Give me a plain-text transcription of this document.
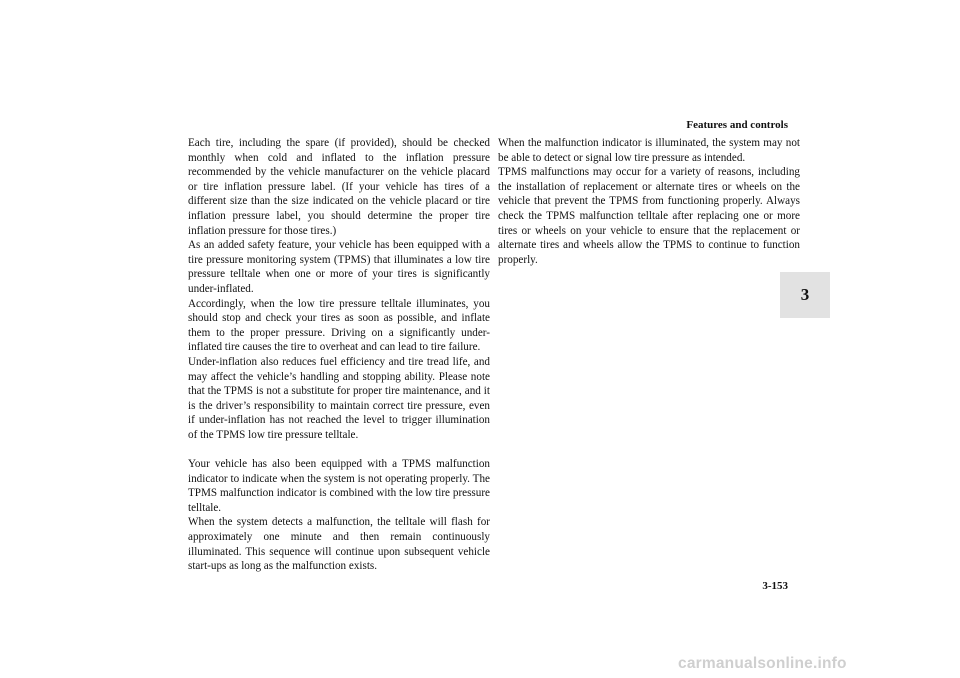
Features and controls
3

Each tire, including the spare (if provided), should be checked monthly when cold and inflated to the inflation pressure recommended by the vehicle manufacturer on the vehicle placard or tire inflation pressure label. (If your vehicle has tires of a different size than the size indicated on the vehicle placard or tire inflation pressure label, you should determine the proper tire inflation pressure for those tires.)

As an added safety feature, your vehicle has been equipped with a tire pressure monitoring system (TPMS) that illuminates a low tire pressure telltale when one or more of your tires is significantly under-inflated.

Accordingly, when the low tire pressure telltale illuminates, you should stop and check your tires as soon as possible, and inflate them to the proper pressure. Driving on a significantly under-inflated tire causes the tire to overheat and can lead to tire failure.

Under-inflation also reduces fuel efficiency and tire tread life, and may affect the vehicle’s handling and stopping ability. Please note that the TPMS is not a substitute for proper tire maintenance, and it is the driver’s responsibility to maintain correct tire pressure, even if under-inflation has not reached the level to trigger illumination of the TPMS low tire pressure telltale.

Your vehicle has also been equipped with a TPMS malfunction indicator to indicate when the system is not operating properly. The TPMS malfunction indicator is combined with the low tire pressure telltale.

When the system detects a malfunction, the telltale will flash for approximately one minute and then remain continuously illuminated. This sequence will continue upon subsequent vehicle start-ups as long as the malfunction exists.

When the malfunction indicator is illuminated, the system may not be able to detect or signal low tire pressure as intended.

TPMS malfunctions may occur for a variety of reasons, including the installation of replacement or alternate tires or wheels on the vehicle that prevent the TPMS from functioning properly. Always check the TPMS malfunction telltale after replacing one or more tires or wheels on your vehicle to ensure that the replacement or alternate tires and wheels allow the TPMS to continue to function properly.

3-153
carmanualsonline.info
